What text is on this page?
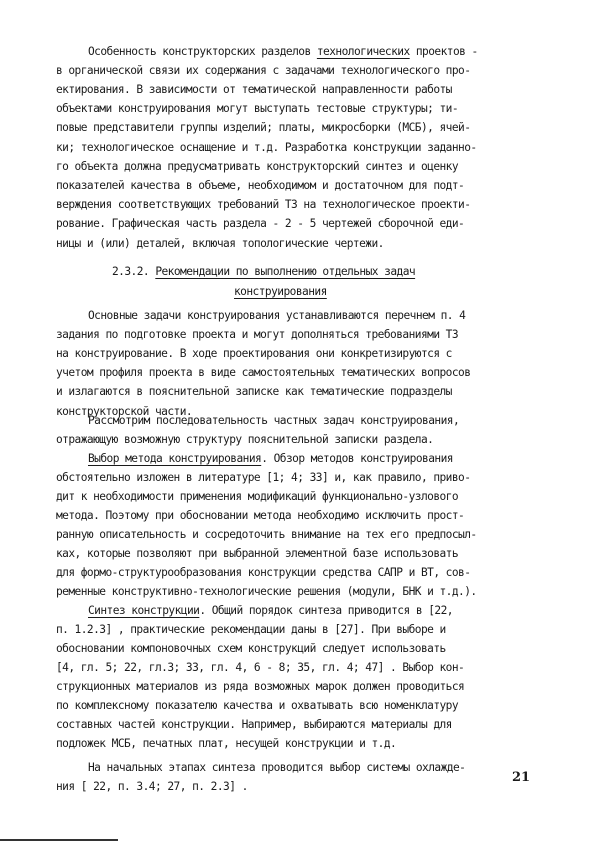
Особенность конструкторских разделов технологических проектов -
в органической связи их содержания с задачами технологического про-
ектирования. В зависимости от тематической направленности работы
объектами конструирования могут выступать тестовые структуры; ти-
повые представители группы изделий; платы, микросборки (МСБ), ячей-
ки; технологическое оснащение и т.д. Разработка конструкции заданно-
го объекта должна предусматривать конструкторский синтез и оценку
показателей качества в объеме, необходимом и достаточном для подт-
верждения соответствующих требований ТЗ на технологическое проекти-
рование. Графическая часть раздела - 2 - 5 чертежей сборочной еди-
ницы и (или) деталей, включая топологические чертежи.
2.3.2. Рекомендации по выполнению отдельных задач
конструирования
Основные задачи конструирования устанавливаются перечнем п. 4
задания по подготовке проекта и могут дополняться требованиями ТЗ
на конструирование. В ходе проектирования они конкретизируются с
учетом профиля проекта в виде самостоятельных тематических вопросов
и излагаются в пояснительной записке как тематические подразделы
конструкторской части.
Рассмотрим последовательность частных задач конструирования,
отражающую возможную структуру пояснительной записки раздела.
Выбор метода конструирования. Обзор методов конструирования
обстоятельно изложен в литературе [1; 4; 33] и, как правило, приво-
дит к необходимости применения модификаций функционально-узлового
метода. Поэтому при обосновании метода необходимо исключить прост-
ранную описательность и сосредоточить внимание на тех его предпосыл-
ках, которые позволяют при выбранной элементной базе использовать
для формо-структурообразования конструкции средства САПР и ВТ, сов-
ременные конструктивно-технологические решения (модули, БНК и т.д.).
Синтез конструкции. Общий порядок синтеза приводится в [22,
п. 1.2.3] , практические рекомендации даны в [27]. При выборе и
обосновании компоновочных схем конструкций следует использовать
[4, гл. 5; 22, гл.3; 33, гл. 4, 6 - 8; 35, гл. 4; 47] . Выбор кон-
струкционных материалов из ряда возможных марок должен проводиться
по комплексному показателю качества и охватывать всю номенклатуру
составных частей конструкции. Например, выбираются материалы для
подложек МСБ, печатных плат, несущей конструкции и т.д.
На начальных этапах синтеза проводится выбор системы охлажде-
ния [ 22, п. 3.4; 27, п. 2.3] .
21
